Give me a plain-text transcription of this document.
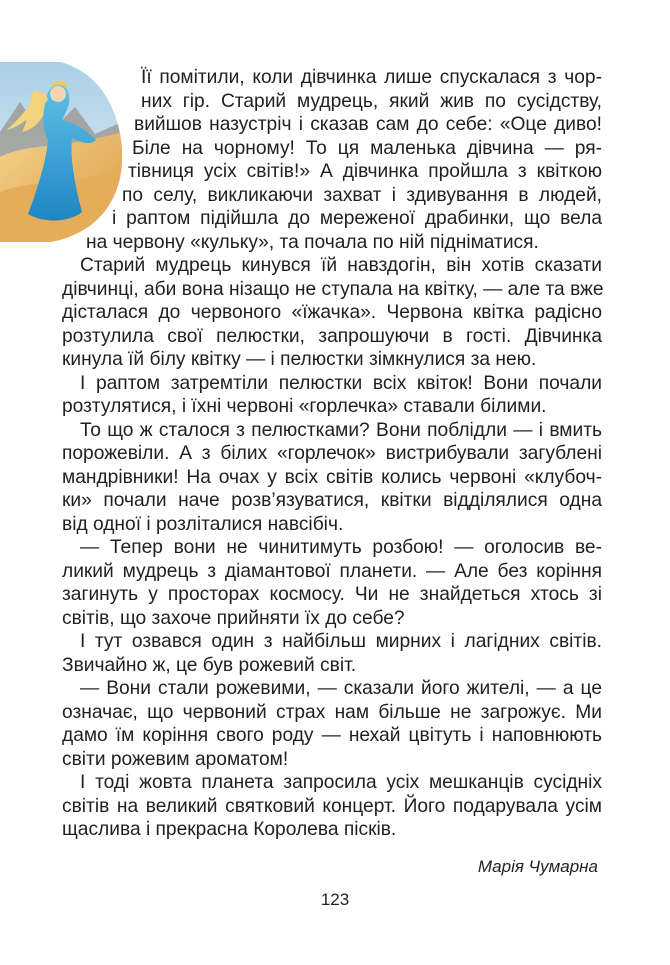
Її помітили, коли дівчинка лише спускалася з чор-
них гір. Старий мудрець, який жив по сусідству,
вийшов назустріч і сказав сам до себе: «Оце диво!
Біле на чорному! То ця маленька дівчина — ря-
тівниця усіх світів!» А дівчинка пройшла з квіткою
по селу, викликаючи захват і здивування в людей,
і раптом підійшла до мереженої драбинки, що вела
на червону «кульку», та почала по ній підніматися.
Старий мудрець кинувся їй навздогін, він хотів сказати
дівчинці, аби вона нізащо не ступала на квітку, — але та вже
дісталася до червоного «їжачка». Червона квітка радісно
розтулила свої пелюстки, запрошуючи в гості. Дівчинка
кинула їй білу квітку — і пелюстки зімкнулися за нею.
І раптом затремтіли пелюстки всіх квіток! Вони почали
розтулятися, і їхні червоні «горлечка» ставали білими.
То що ж сталося з пелюстками? Вони поблідли — і вмить
порожевіли. А з білих «горлечок» вистрибували загублені
мандрівники! На очах у всіх світів колись червоні «клубоч-
ки» почали наче розв’язуватися, квітки відділялися одна
від одної і розліталися навсібіч.
— Тепер вони не чинитимуть розбою! — оголосив ве-
ликий мудрець з діамантової планети. — Але без коріння
загинуть у просторах космосу. Чи не знайдеться хтось зі
світів, що захоче прийняти їх до себе?
І тут озвався один з найбільш мирних і лагідних світів.
Звичайно ж, це був рожевий світ.
— Вони стали рожевими, — сказали його жителі, — а це
означає, що червоний страх нам більше не загрожує. Ми
дамо їм коріння свого роду — нехай цвітуть і наповнюють
світи рожевим ароматом!
І тоді жовта планета запросила усіх мешканців сусідніх
світів на великий святковий концерт. Його подарувала усім
щаслива і прекрасна Королева пісків.
Марія Чумарна
123
